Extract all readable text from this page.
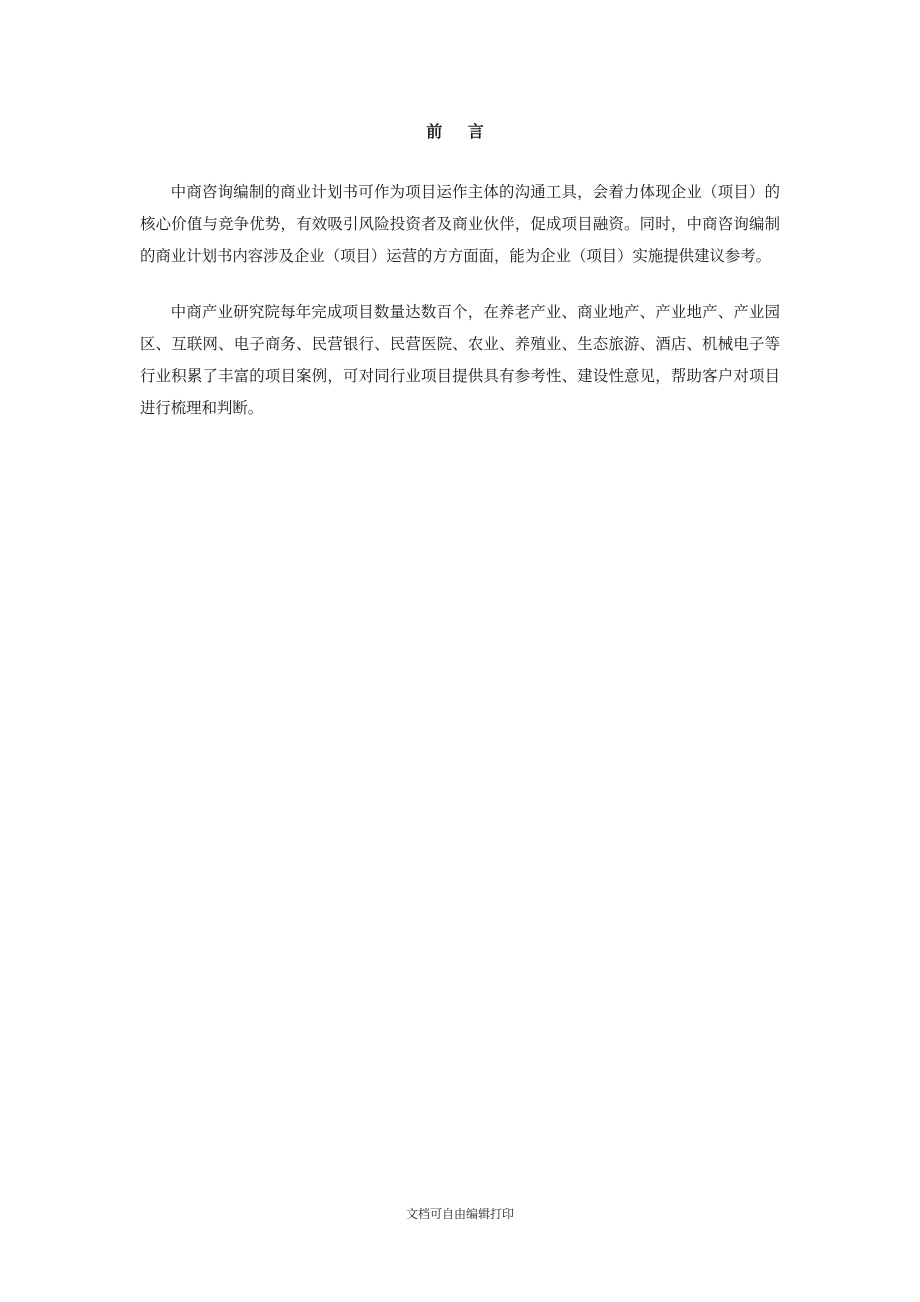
前 言

中商咨询编制的商业计划书可作为项目运作主体的沟通工具，会着力体现企业（项目）的核心价值与竞争优势，有效吸引风险投资者及商业伙伴，促成项目融资。同时，中商咨询编制的商业计划书内容涉及企业（项目）运营的方方面面，能为企业（项目）实施提供建议参考。

中商产业研究院每年完成项目数量达数百个，在养老产业、商业地产、产业地产、产业园区、互联网、电子商务、民营银行、民营医院、农业、养殖业、生态旅游、酒店、机械电子等行业积累了丰富的项目案例，可对同行业项目提供具有参考性、建设性意见，帮助客户对项目进行梳理和判断。

文档可自由编辑打印
